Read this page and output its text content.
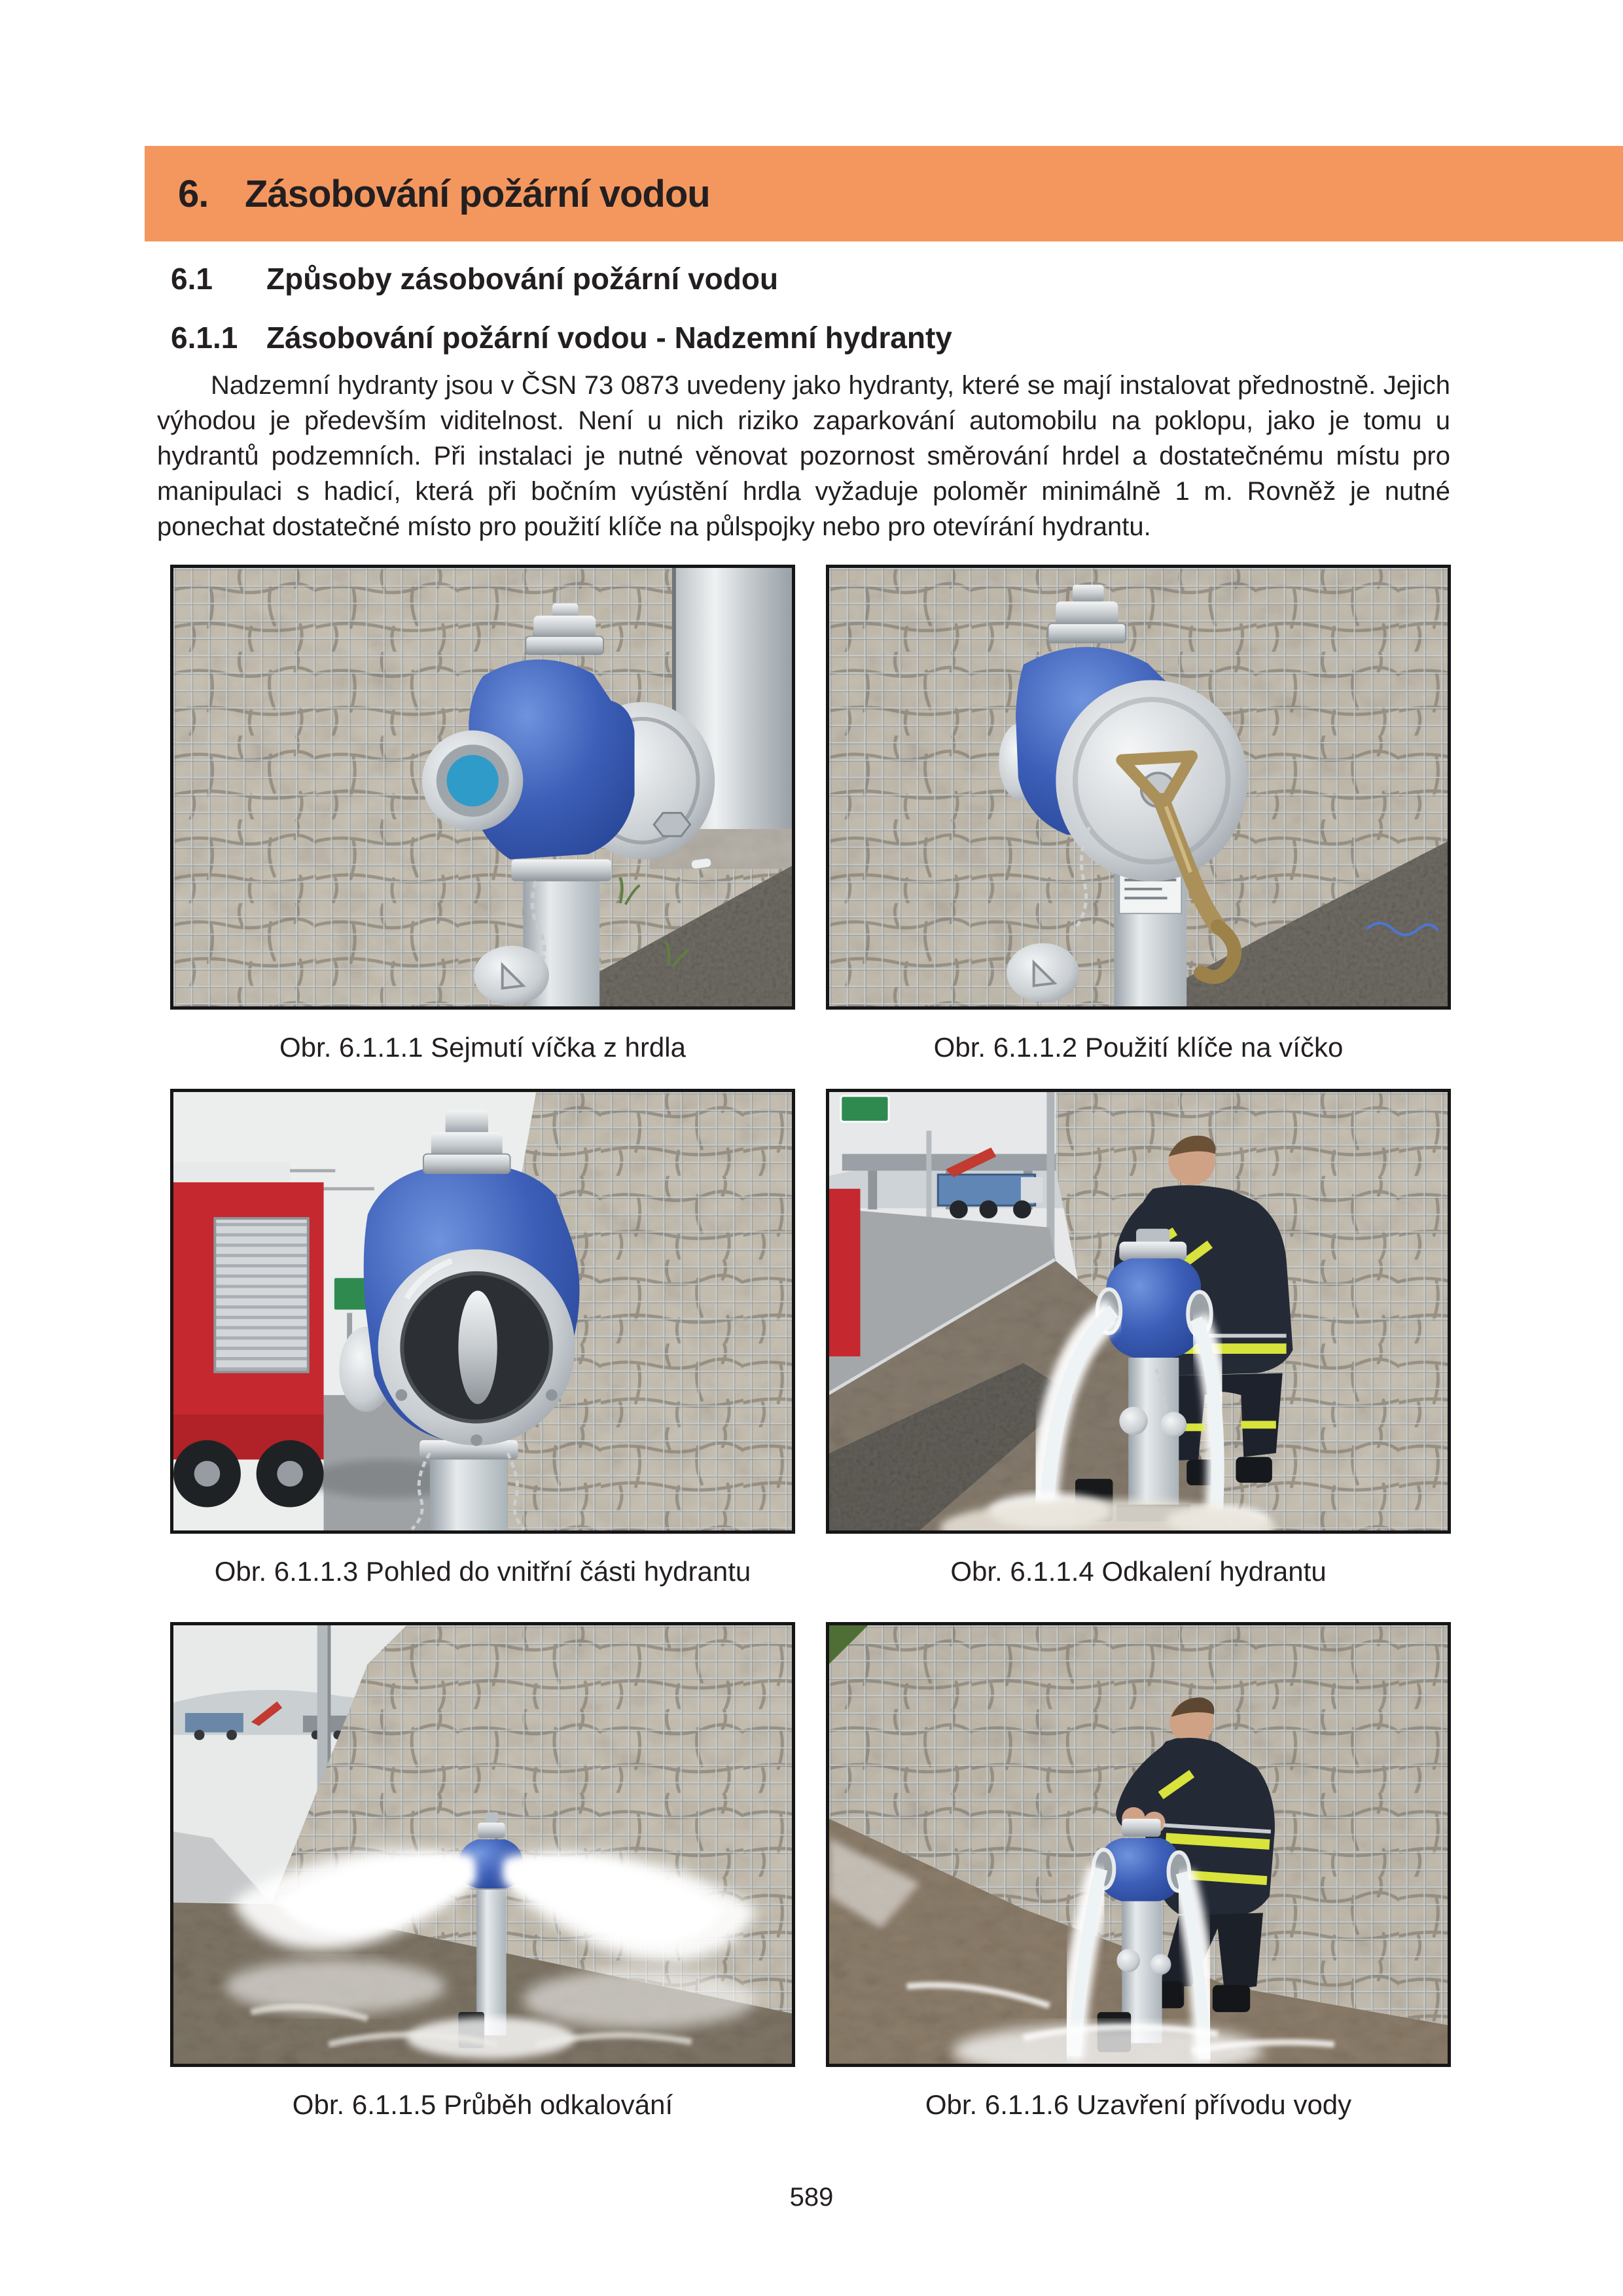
6. Zásobování požární vodou
6.1	Způsoby zásobování požární vodou
6.1.1 Zásobování požární vodou - Nadzemní hydranty

Nadzemní hydranty jsou v ČSN 73 0873 uvedeny jako hydranty, které se mají instalovat přednostně. Jejich výhodou je především viditelnost. Není u nich riziko zaparkování automobilu na poklopu, jako je tomu u hydrantů podzemních. Při instalaci je nutné věnovat pozornost směrování hrdel a dostatečnému místu pro manipulaci s hadicí, která při bočním vyústění hrdla vyžaduje poloměr minimálně 1 m. Rovněž je nutné ponechat dostatečné místo pro použití klíče na půlspojky nebo pro otevírání hydrantu.

Obr. 6.1.1.1 Sejmutí víčka z hrdla	Obr. 6.1.1.2 Použití klíče na víčko
Obr. 6.1.1.3 Pohled do vnitřní části hydrantu	Obr. 6.1.1.4 Odkalení hydrantu
Obr. 6.1.1.5 Průběh odkalování	Obr. 6.1.1.6 Uzavření přívodu vody
589
